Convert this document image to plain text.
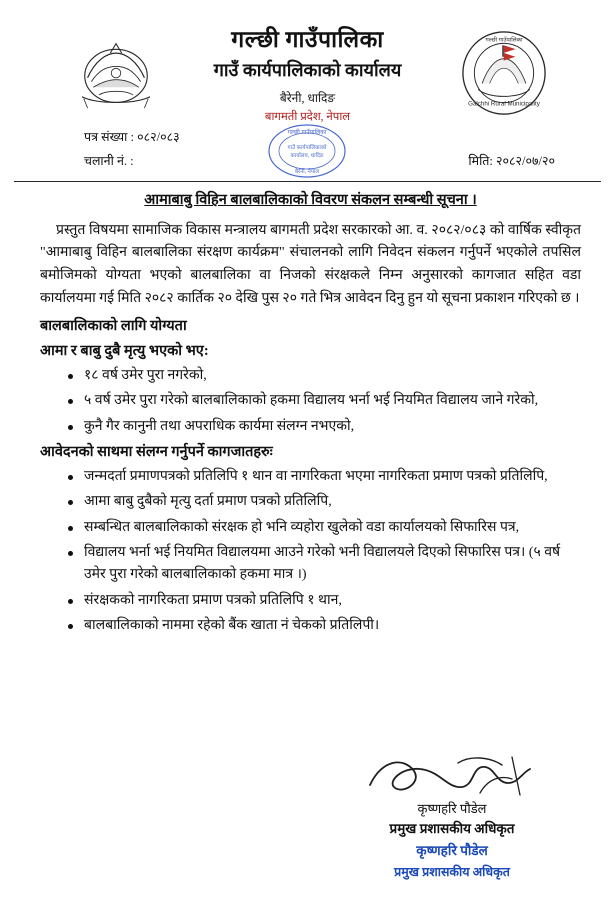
गल्छी गाउँपालिका
गाउँ कार्यपालिकाको कार्यालय
बैरेनी, धादिङ
बागमती प्रदेश, नेपाल
Galchhi Rural Municipality
गल्छी गाउँपालिका
गल्छी गाउँपालिका
गाउँ कार्यपालिकाको
कार्यालय, धादिङ
बैरेनी, नेपाल
पत्र संख्या : ०८२/०८३
चलानी नं. :	मिति: २०८२/०७/२०
आमाबाबु विहिन बालबालिकाको विवरण संकलन सम्बन्धी सूचना ।

प्रस्तुत विषयमा सामाजिक विकास मन्त्रालय बागमती प्रदेश सरकारको आ. व. २०८२/०८३ को वार्षिक स्वीकृत "आमाबाबु विहिन बालबालिका संरक्षण कार्यक्रम" संचालनको लागि निवेदन संकलन गर्नुपर्ने भएकोले तपसिल बमोजिमको योग्यता भएको बालबालिका वा निजको संरक्षकले निम्न अनुसारको कागजात सहित वडा कार्यालयमा गई मिति २०८२ कार्तिक २० देखि पुस २० गते भित्र आवेदन दिनु हुन यो सूचना प्रकाशन गरिएको छ ।

बालबालिकाको लागि योग्यता
आमा र बाबु दुबै मृत्यु भएको भए:
१८ वर्ष उमेर पुरा नगरेको,
५ वर्ष उमेर पुरा गरेको बालबालिकाको हकमा विद्यालय भर्ना भई नियमित विद्यालय जाने गरेको,
कुनै गैर कानुनी तथा अपराधिक कार्यमा संलग्न नभएको,
आवेदनको साथमा संलग्न गर्नुपर्ने कागजातहरुः
जन्मदर्ता प्रमाणपत्रको प्रतिलिपि १ थान वा नागरिकता भएमा नागरिकता प्रमाण पत्रको प्रतिलिपि,
आमा बाबु दुबैको मृत्यु दर्ता प्रमाण पत्रको प्रतिलिपि,
सम्बन्धित बालबालिकाको संरक्षक हो भनि व्यहोरा खुलेको वडा कार्यालयको सिफारिस पत्र,
विद्यालय भर्ना भई नियमित विद्यालयमा आउने गरेको भनी विद्यालयले दिएको सिफारिस पत्र। (५ वर्ष उमेर पुरा गरेको बालबालिकाको हकमा मात्र ।)
संरक्षकको नागरिकता प्रमाण पत्रको प्रतिलिपि १ थान,
बालबालिकाको नाममा रहेको बैंक खाता नं चेकको प्रतिलिपी।
कृष्णहरि पौडेल
प्रमुख प्रशासकीय अधिकृत
कृष्णहरि पौडेल
प्रमुख प्रशासकीय अधिकृत
